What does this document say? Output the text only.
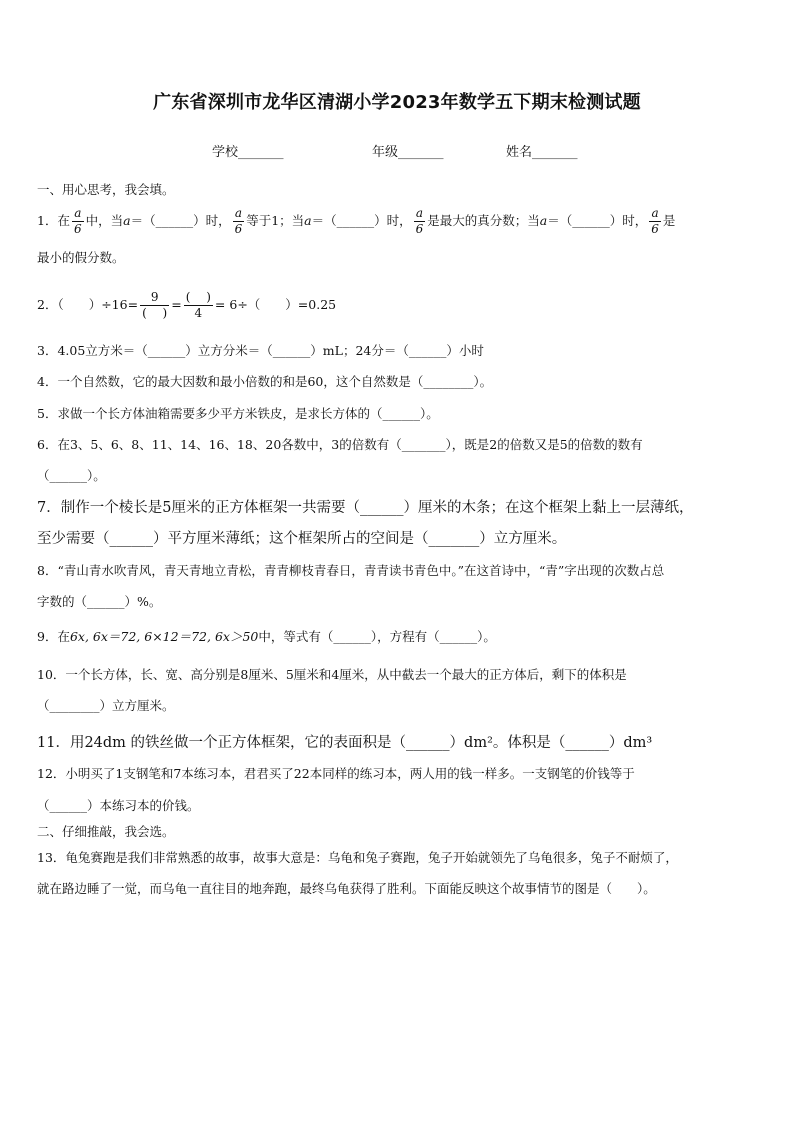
广东省深圳市龙华区清湖小学2023年数学五下期末检测试题
学校_______	年级_______	姓名_______
一、用心思考，我会填。
1．在 $\frac{a}{6}$ 中，当a＝（______）时， $\frac{a}{6}$ 等于1；当a＝（______）时， $\frac{a}{6}$ 是最大的真分数；当a＝（______）时， $\frac{a}{6}$ 是
最小的假分数。
2．（　　）$\div 16= \frac{9}{( )} = \frac{( )}{4} = 6\div$（　　）=0.25
3．4.05立方米＝（______）立方分米＝（______）mL；24分＝（______）小时
4．一个自然数，它的最大因数和最小倍数的和是60，这个自然数是（________）。
5．求做一个长方体油箱需要多少平方米铁皮，是求长方体的（______）。
6．在3、5、6、8、11、14、16、18、20各数中，3的倍数有（_______），既是2的倍数又是5的倍数的数有
（______）。
7．制作一个棱长是5厘米的正方体框架一共需要（______）厘米的木条；在这个框架上黏上一层薄纸，
至少需要（______）平方厘米薄纸；这个框架所占的空间是（_______）立方厘米。
8．“青山青水吹青风，青天青地立青松，青青柳枝青春日，青青读书青色中。”在这首诗中，“青”字出现的次数占总
字数的（______）%。
9．在6x, 6x＝72, 6×12＝72, 6x＞50中，等式有（______），方程有（______）。
10．一个长方体，长、宽、高分别是8厘米、5厘米和4厘米，从中截去一个最大的正方体后，剩下的体积是
（________）立方厘米。
11．用24dm 的铁丝做一个正方体框架，它的表面积是（______）dm²。体积是（______）dm³
12．小明买了1支钢笔和7本练习本，君君买了22本同样的练习本，两人用的钱一样多。一支钢笔的价钱等于
（______）本练习本的价钱。
二、仔细推敲，我会选。
13．龟兔赛跑是我们非常熟悉的故事，故事大意是：乌龟和兔子赛跑，兔子开始就领先了乌龟很多，兔子不耐烦了，
就在路边睡了一觉，而乌龟一直往目的地奔跑，最终乌龟获得了胜利。下面能反映这个故事情节的图是（　　）。
